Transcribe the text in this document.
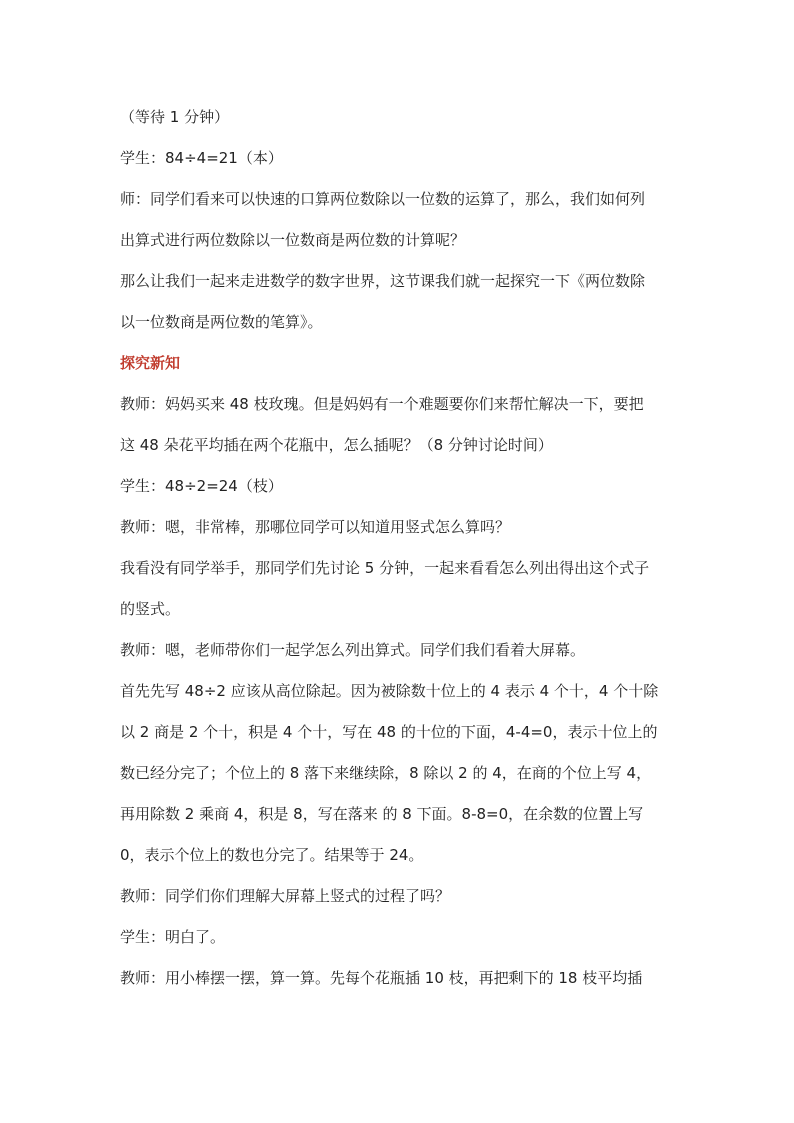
（等待 1 分钟）

学生：84÷4=21（本）

师：同学们看来可以快速的口算两位数除以一位数的运算了，那么，我们如何列

出算式进行两位数除以一位数商是两位数的计算呢？

那么让我们一起来走进数学的数字世界，这节课我们就一起探究一下《两位数除

以一位数商是两位数的笔算》。

探究新知

教师：妈妈买来 48 枝玫瑰。但是妈妈有一个难题要你们来帮忙解决一下，要把

这 48 朵花平均插在两个花瓶中，怎么插呢？（8 分钟讨论时间）

学生：48÷2=24（枝）

教师：嗯，非常棒，那哪位同学可以知道用竖式怎么算吗？

我看没有同学举手，那同学们先讨论 5 分钟，一起来看看怎么列出得出这个式子

的竖式。

教师：嗯，老师带你们一起学怎么列出算式。同学们我们看着大屏幕。

首先先写 48÷2 应该从高位除起。因为被除数十位上的 4 表示 4 个十，4 个十除

以 2 商是 2 个十，积是 4 个十，写在 48 的十位的下面，4-4=0，表示十位上的

数已经分完了；个位上的 8 落下来继续除，8 除以 2 的 4，在商的个位上写 4，

再用除数 2 乘商 4，积是 8，写在落来 的 8 下面。8-8=0，在余数的位置上写

0，表示个位上的数也分完了。结果等于 24。

教师：同学们你们理解大屏幕上竖式的过程了吗？

学生：明白了。

教师：用小棒摆一摆，算一算。先每个花瓶插 10 枝，再把剩下的 18 枝平均插
